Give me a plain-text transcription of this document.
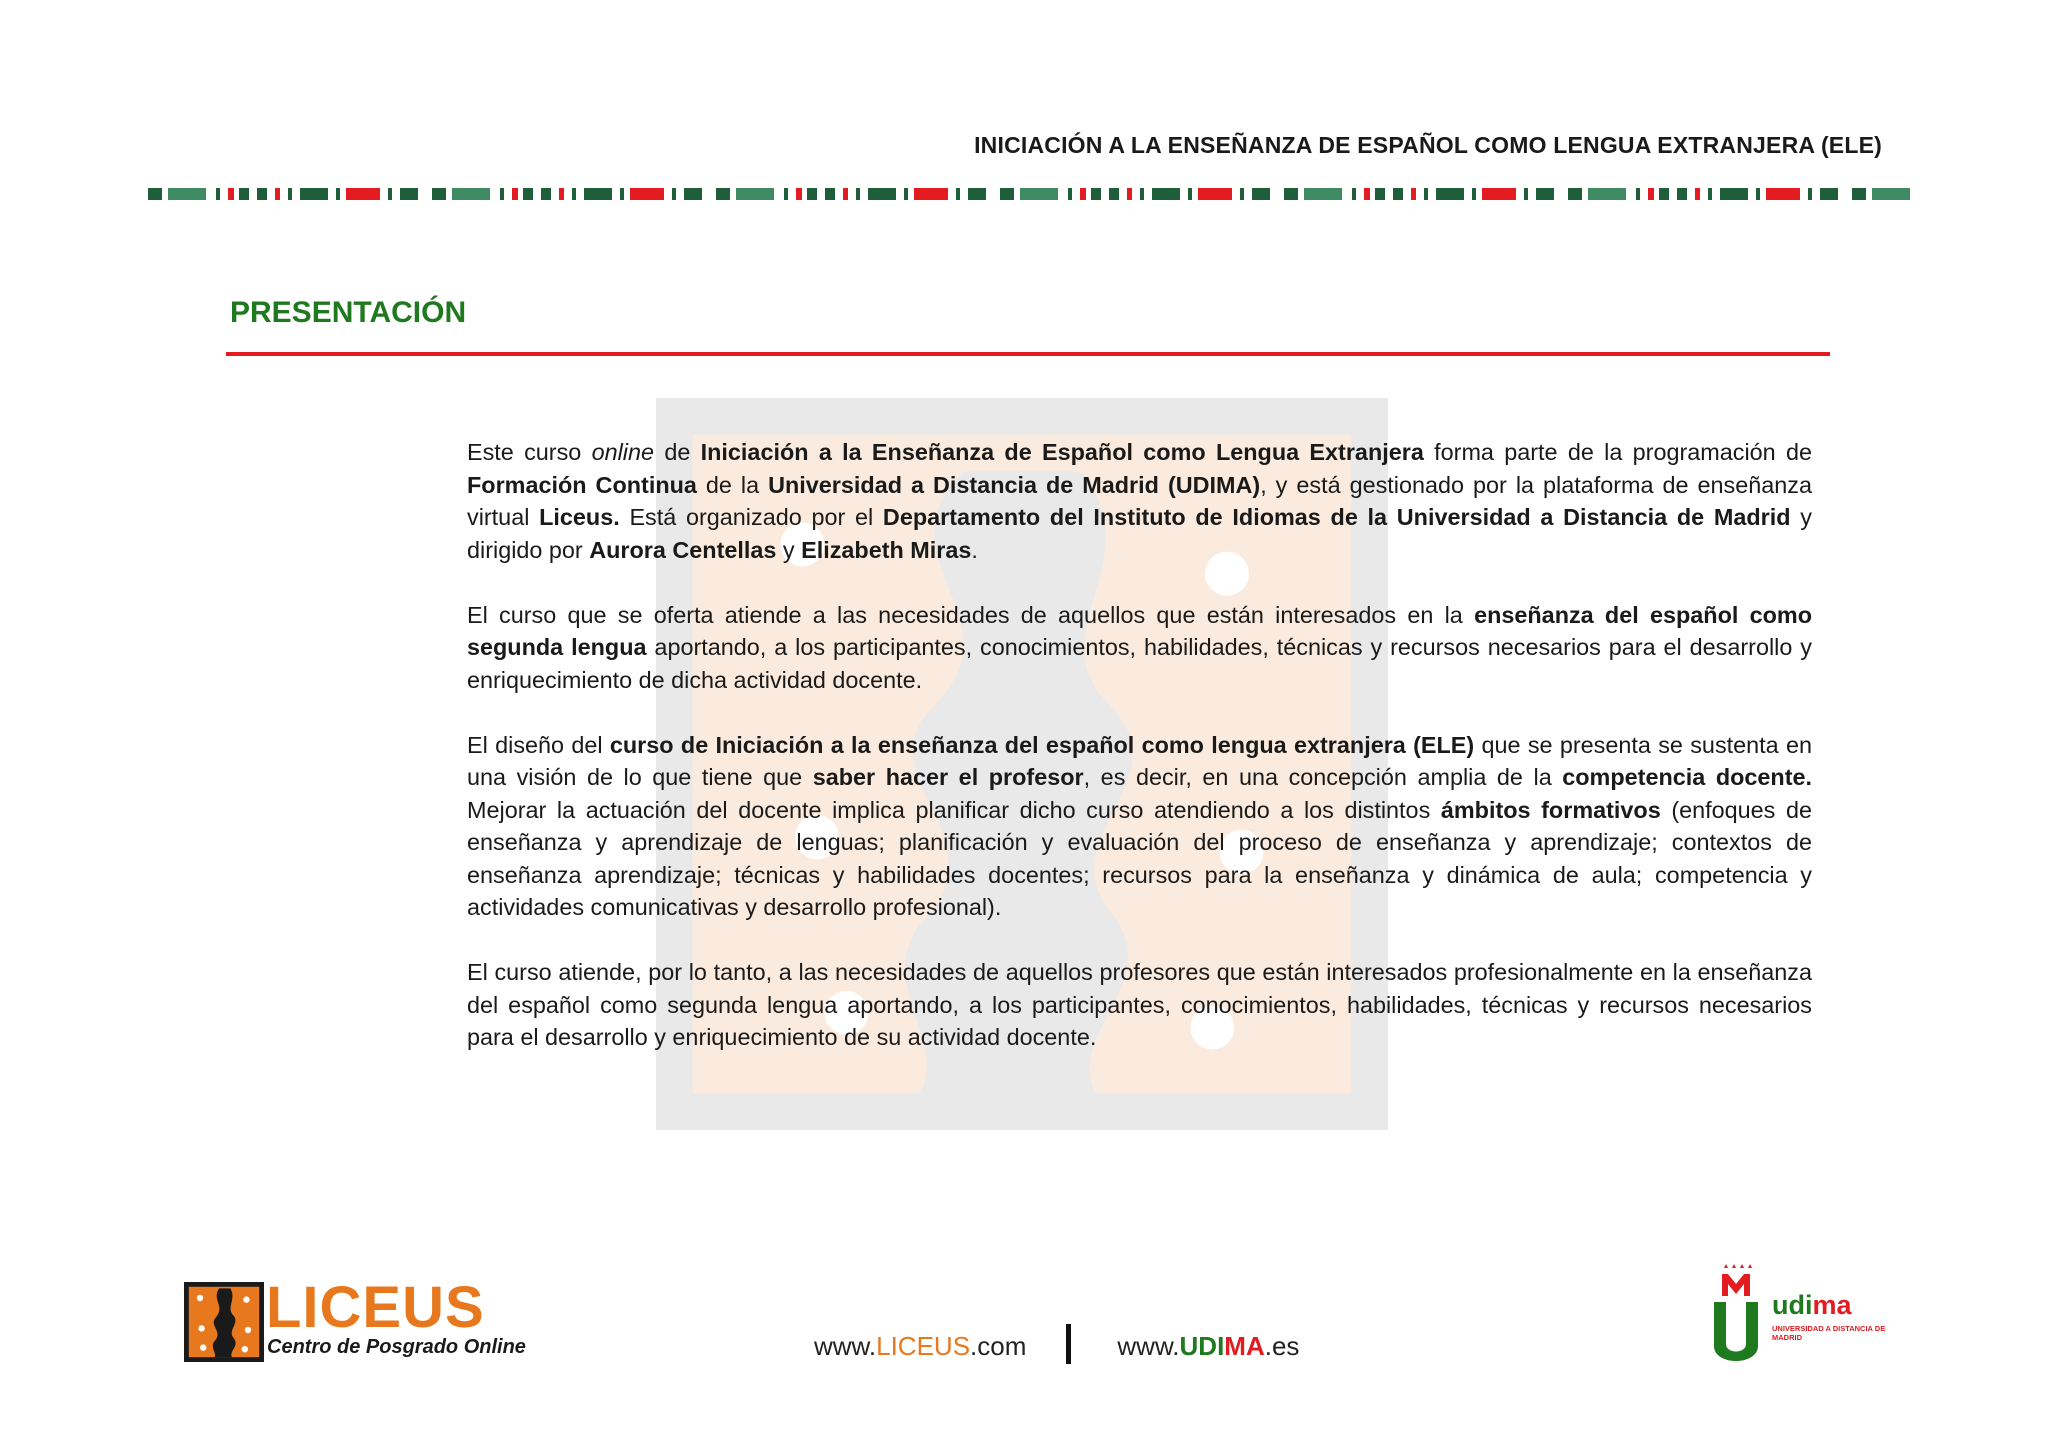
INICIACIÓN A LA ENSEÑANZA DE ESPAÑOL COMO LENGUA EXTRANJERA (ELE)
PRESENTACIÓN

Este curso online de Iniciación a la Enseñanza de Español como Lengua Extranjera forma parte de la programación de Formación Continua de la Universidad a Distancia de Madrid (UDIMA), y está gestionado por la plataforma de enseñanza virtual Liceus. Está organizado por el Departamento del Instituto de Idiomas de la Universidad a Distancia de Madrid y dirigido por Aurora Centellas y Elizabeth Miras.

El curso que se oferta atiende a las necesidades de aquellos que están interesados en la enseñanza del español como segunda lengua aportando, a los participantes, conocimientos, habilidades, técnicas y recursos necesarios para el desarrollo y enriquecimiento de dicha actividad docente.

El diseño del curso de Iniciación a la enseñanza del español como lengua extranjera (ELE) que se presenta se sustenta en una visión de lo que tiene que saber hacer el profesor, es decir, en una concepción amplia de la competencia docente. Mejorar la actuación del docente implica planificar dicho curso atendiendo a los distintos ámbitos formativos (enfoques de enseñanza y aprendizaje de lenguas; planificación y evaluación del proceso de enseñanza y aprendizaje; contextos de enseñanza aprendizaje; técnicas y habilidades docentes; recursos para la enseñanza y dinámica de aula; competencia y actividades comunicativas y desarrollo profesional).

El curso atiende, por lo tanto, a las necesidades de aquellos profesores que están interesados profesionalmente en la enseñanza del español como segunda lengua aportando, a los participantes, conocimientos, habilidades, técnicas y recursos necesarios para el desarrollo y enriquecimiento de su actividad docente.

LICEUS
Centro de Posgrado Online	www.LICEUS.com	www.UDIMA.es
udima
UNIVERSIDAD A DISTANCIA DE MADRID
